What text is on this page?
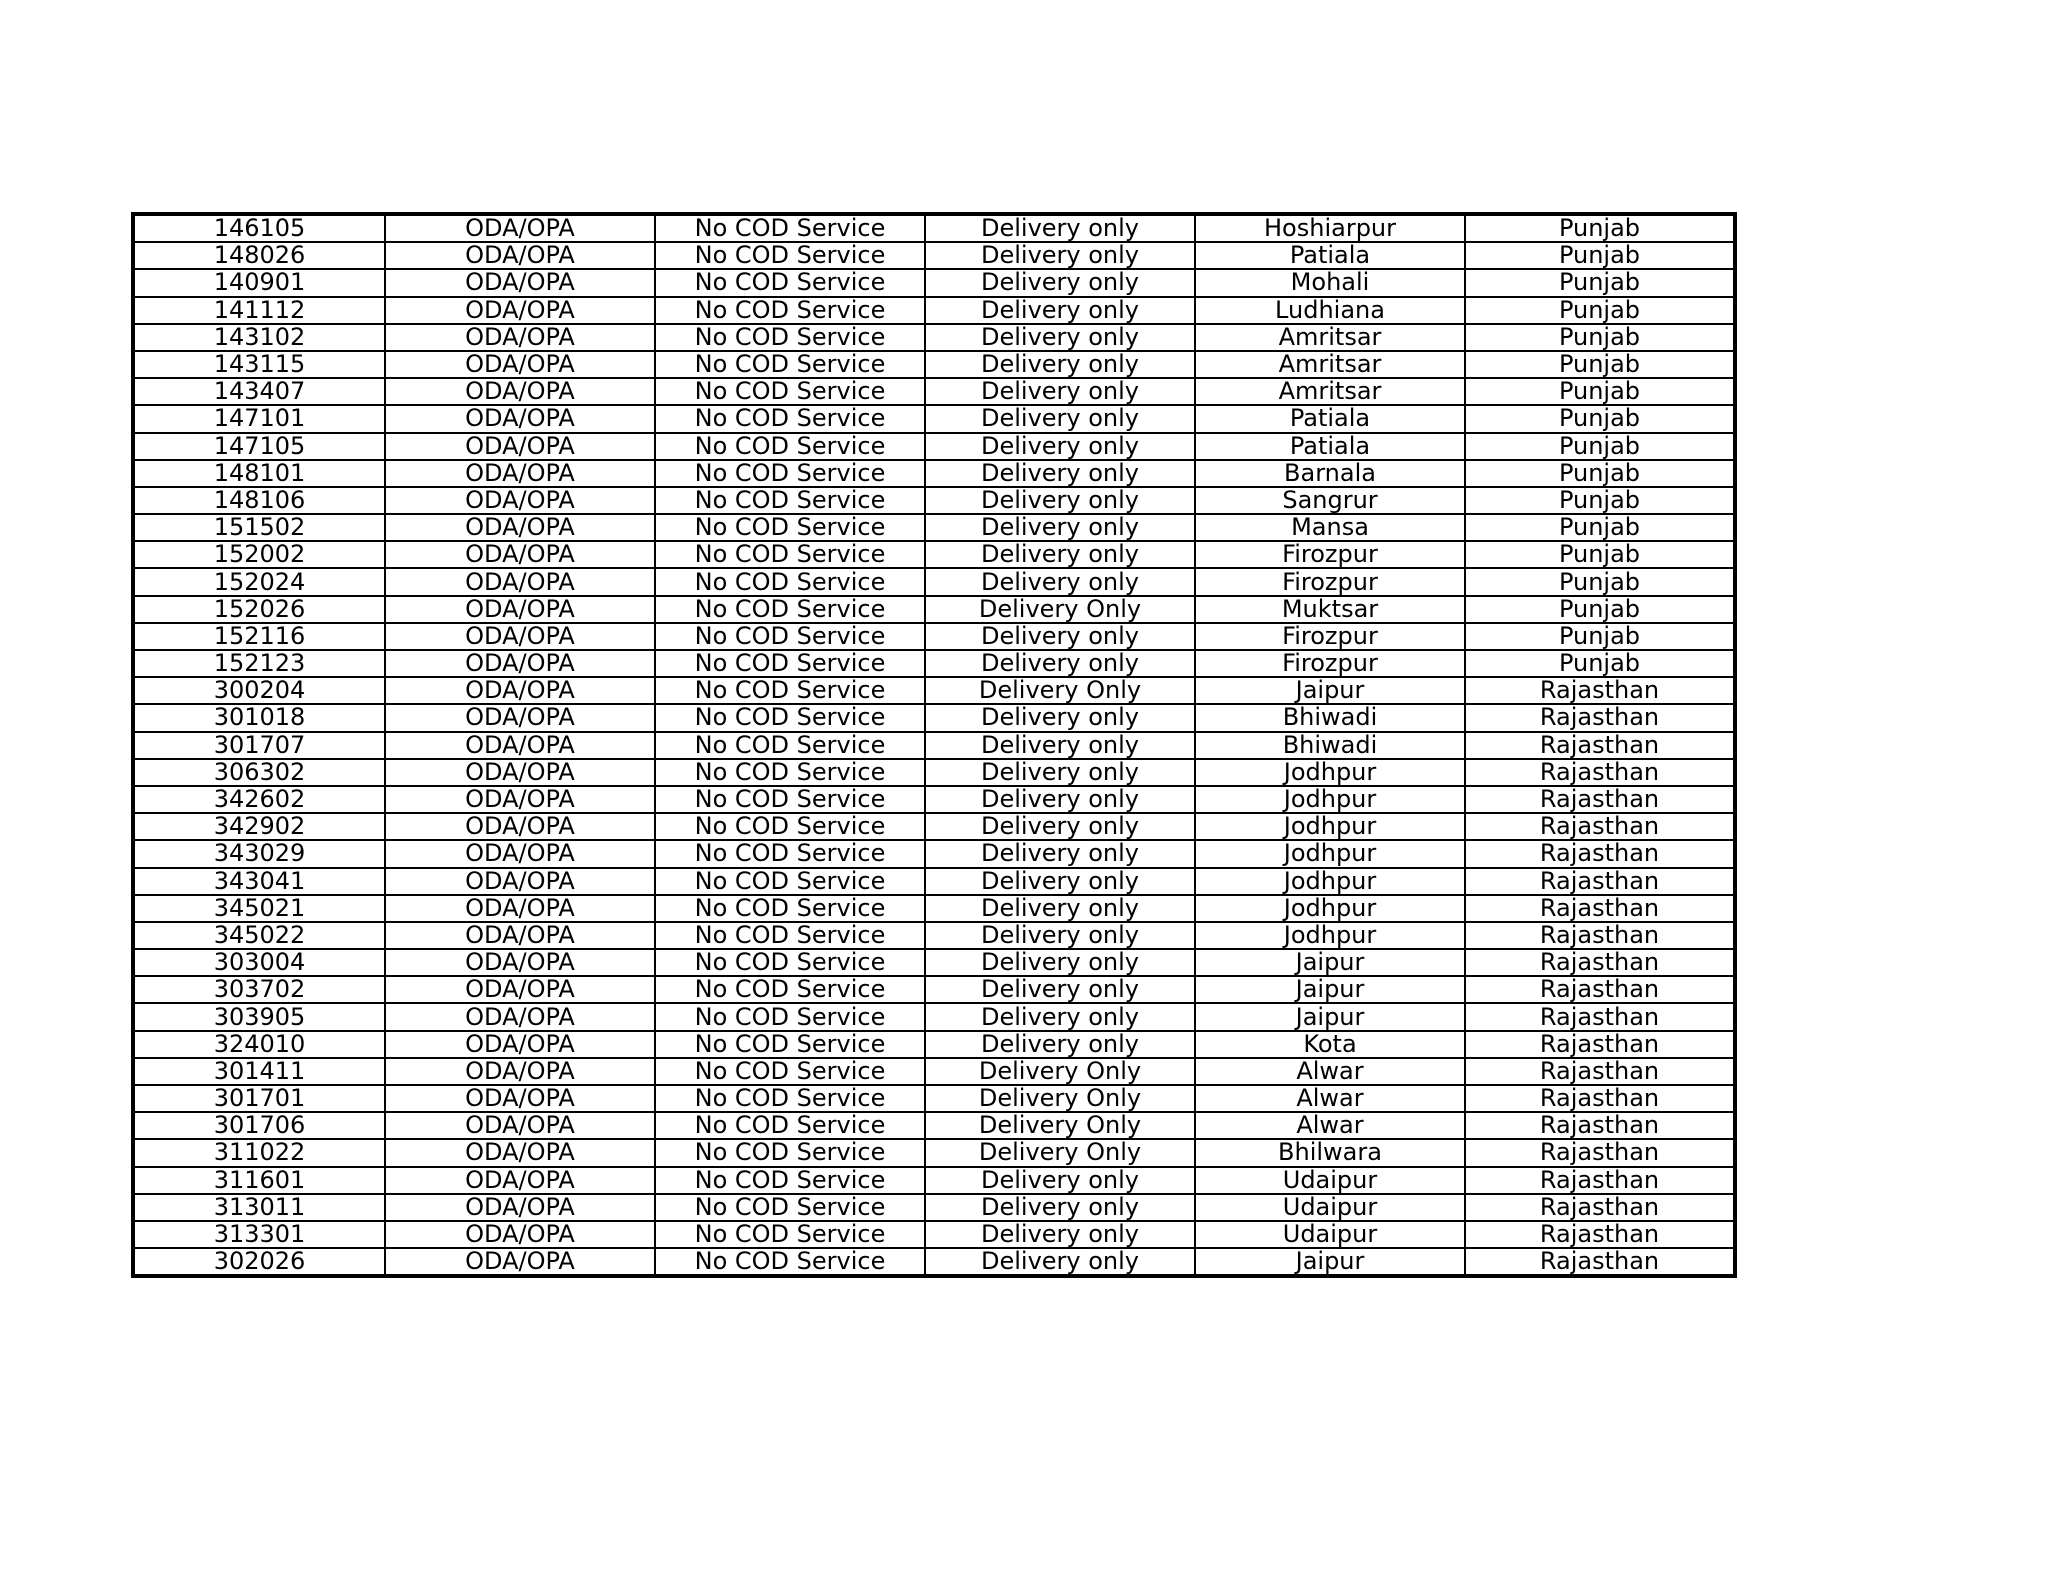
146105	ODA/OPA	No COD Service	Delivery only	Hoshiarpur	Punjab
148026	ODA/OPA	No COD Service	Delivery only	Patiala	Punjab
140901	ODA/OPA	No COD Service	Delivery only	Mohali	Punjab
141112	ODA/OPA	No COD Service	Delivery only	Ludhiana	Punjab
143102	ODA/OPA	No COD Service	Delivery only	Amritsar	Punjab
143115	ODA/OPA	No COD Service	Delivery only	Amritsar	Punjab
143407	ODA/OPA	No COD Service	Delivery only	Amritsar	Punjab
147101	ODA/OPA	No COD Service	Delivery only	Patiala	Punjab
147105	ODA/OPA	No COD Service	Delivery only	Patiala	Punjab
148101	ODA/OPA	No COD Service	Delivery only	Barnala	Punjab
148106	ODA/OPA	No COD Service	Delivery only	Sangrur	Punjab
151502	ODA/OPA	No COD Service	Delivery only	Mansa	Punjab
152002	ODA/OPA	No COD Service	Delivery only	Firozpur	Punjab
152024	ODA/OPA	No COD Service	Delivery only	Firozpur	Punjab
152026	ODA/OPA	No COD Service	Delivery Only	Muktsar	Punjab
152116	ODA/OPA	No COD Service	Delivery only	Firozpur	Punjab
152123	ODA/OPA	No COD Service	Delivery only	Firozpur	Punjab
300204	ODA/OPA	No COD Service	Delivery Only	Jaipur	Rajasthan
301018	ODA/OPA	No COD Service	Delivery only	Bhiwadi	Rajasthan
301707	ODA/OPA	No COD Service	Delivery only	Bhiwadi	Rajasthan
306302	ODA/OPA	No COD Service	Delivery only	Jodhpur	Rajasthan
342602	ODA/OPA	No COD Service	Delivery only	Jodhpur	Rajasthan
342902	ODA/OPA	No COD Service	Delivery only	Jodhpur	Rajasthan
343029	ODA/OPA	No COD Service	Delivery only	Jodhpur	Rajasthan
343041	ODA/OPA	No COD Service	Delivery only	Jodhpur	Rajasthan
345021	ODA/OPA	No COD Service	Delivery only	Jodhpur	Rajasthan
345022	ODA/OPA	No COD Service	Delivery only	Jodhpur	Rajasthan
303004	ODA/OPA	No COD Service	Delivery only	Jaipur	Rajasthan
303702	ODA/OPA	No COD Service	Delivery only	Jaipur	Rajasthan
303905	ODA/OPA	No COD Service	Delivery only	Jaipur	Rajasthan
324010	ODA/OPA	No COD Service	Delivery only	Kota	Rajasthan
301411	ODA/OPA	No COD Service	Delivery Only	Alwar	Rajasthan
301701	ODA/OPA	No COD Service	Delivery Only	Alwar	Rajasthan
301706	ODA/OPA	No COD Service	Delivery Only	Alwar	Rajasthan
311022	ODA/OPA	No COD Service	Delivery Only	Bhilwara	Rajasthan
311601	ODA/OPA	No COD Service	Delivery only	Udaipur	Rajasthan
313011	ODA/OPA	No COD Service	Delivery only	Udaipur	Rajasthan
313301	ODA/OPA	No COD Service	Delivery only	Udaipur	Rajasthan
302026	ODA/OPA	No COD Service	Delivery only	Jaipur	Rajasthan
